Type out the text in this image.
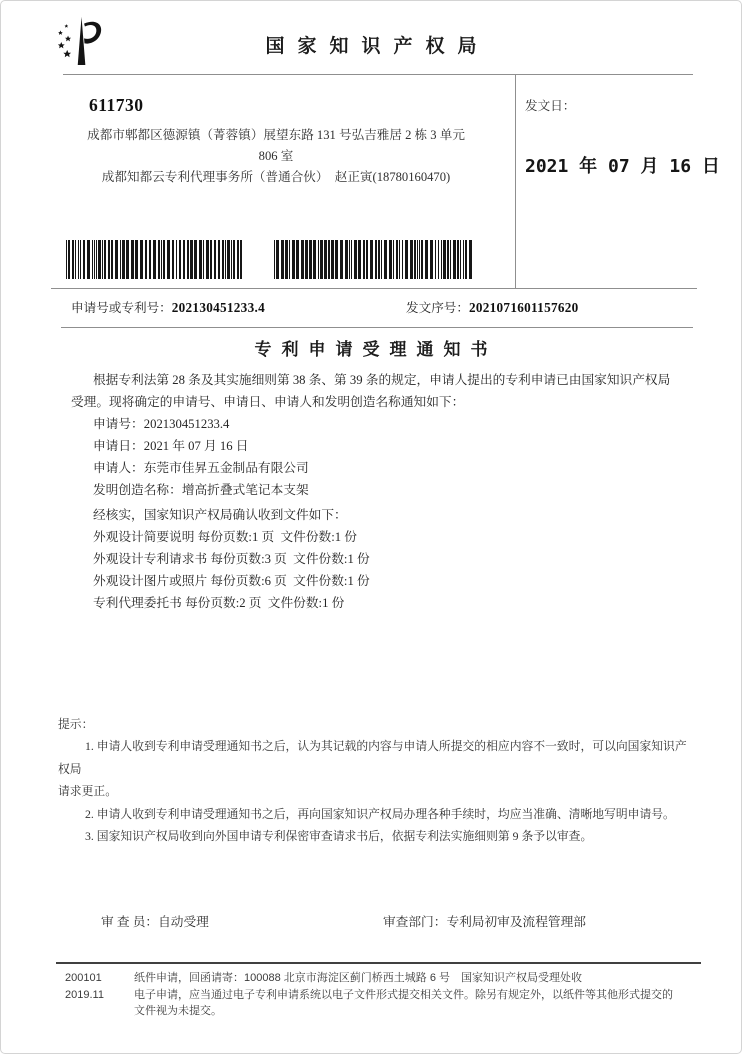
国家知识产权局
611730
成都市郫都区德源镇（菁蓉镇）展望东路 131 号弘吉雅居 2 栋 3 单元
806 室
成都知都云专利代理事务所（普通合伙）　赵正寅(18780160470)
发文日：
2021 年 07 月 16 日
申请号或专利号：202130451233.4	发文序号：2021071601157620
专利申请受理通知书
根据专利法第 28 条及其实施细则第 38 条、第 39 条的规定，申请人提出的专利申请已由国家知识产权局
受理。现将确定的申请号、申请日、申请人和发明创造名称通知如下：
申请号：202130451233.4
申请日：2021 年 07 月 16 日
申请人：东莞市佳昇五金制品有限公司
发明创造名称：增高折叠式笔记本支架
经核实，国家知识产权局确认收到文件如下：
外观设计简要说明 每份页数:1 页  文件份数:1 份
外观设计专利请求书 每份页数:3 页  文件份数:1 份
外观设计图片或照片 每份页数:6 页  文件份数:1 份
专利代理委托书 每份页数:2 页  文件份数:1 份
提示：
1. 申请人收到专利申请受理通知书之后，认为其记载的内容与申请人所提交的相应内容不一致时，可以向国家知识产权局
请求更正。
2. 申请人收到专利申请受理通知书之后，再向国家知识产权局办理各种手续时，均应当准确、清晰地写明申请号。
3. 国家知识产权局收到向外国申请专利保密审查请求书后，依据专利法实施细则第 9 条予以审查。
审 查 员：自动受理	审查部门：专利局初审及流程管理部
200101
2019.11
纸件申请，回函请寄：100088 北京市海淀区蓟门桥西土城路 6 号　国家知识产权局受理处收
电子申请，应当通过电子专利申请系统以电子文件形式提交相关文件。除另有规定外，以纸件等其他形式提交的
文件视为未提交。
